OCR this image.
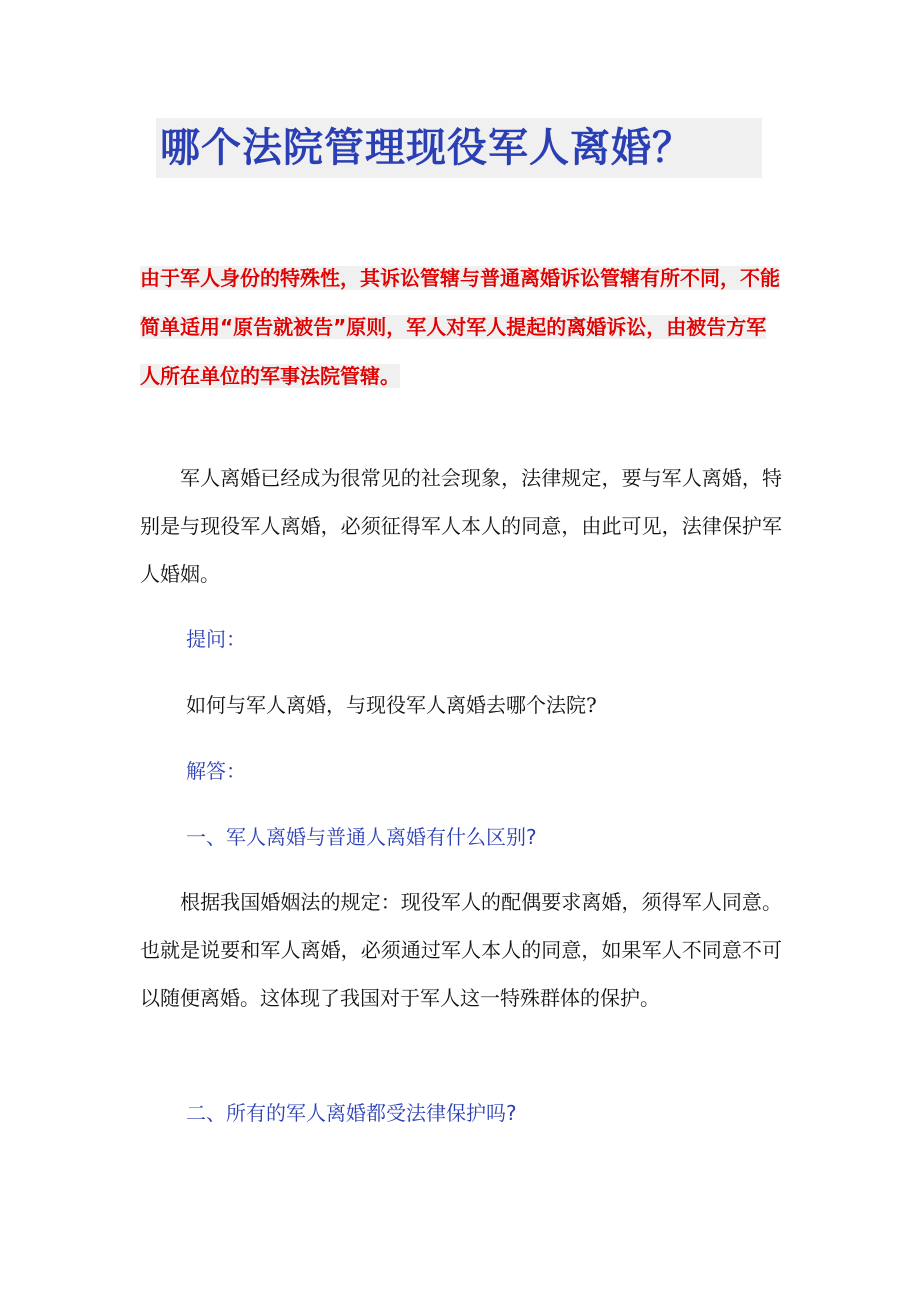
哪个法院管理现役军人离婚？

由于军人身份的特殊性，其诉讼管辖与普通离婚诉讼管辖有所不同，不能简单适用“原告就被告”原则，军人对军人提起的离婚诉讼，由被告方军人所在单位的军事法院管辖。

军人离婚已经成为很常见的社会现象，法律规定，要与军人离婚，特别是与现役军人离婚，必须征得军人本人的同意，由此可见，法律保护军人婚姻。

提问：

如何与军人离婚，与现役军人离婚去哪个法院?

解答：

一、军人离婚与普通人离婚有什么区别?

根据我国婚姻法的规定：现役军人的配偶要求离婚，须得军人同意。也就是说要和军人离婚，必须通过军人本人的同意，如果军人不同意不可以随便离婚。这体现了我国对于军人这一特殊群体的保护。

二、所有的军人离婚都受法律保护吗?
